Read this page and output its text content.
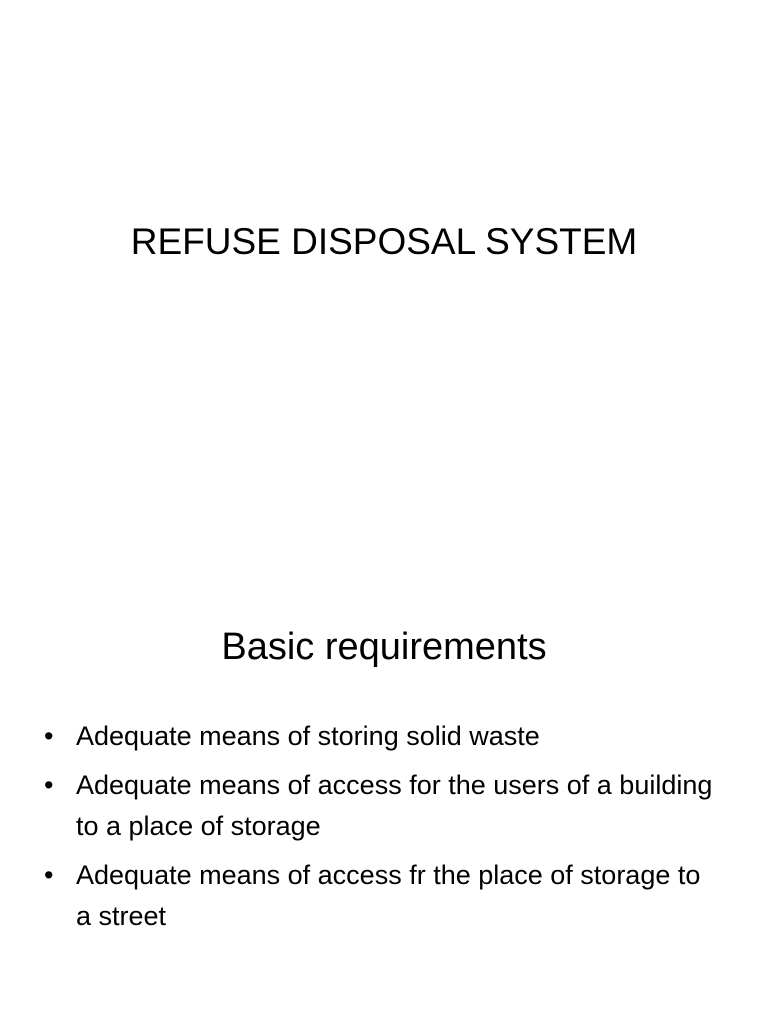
REFUSE DISPOSAL SYSTEM
Basic requirements
• Adequate means of storing solid waste
• Adequate means of access for the users of a building to a place of storage
• Adequate means of access fr the place of storage to a street
